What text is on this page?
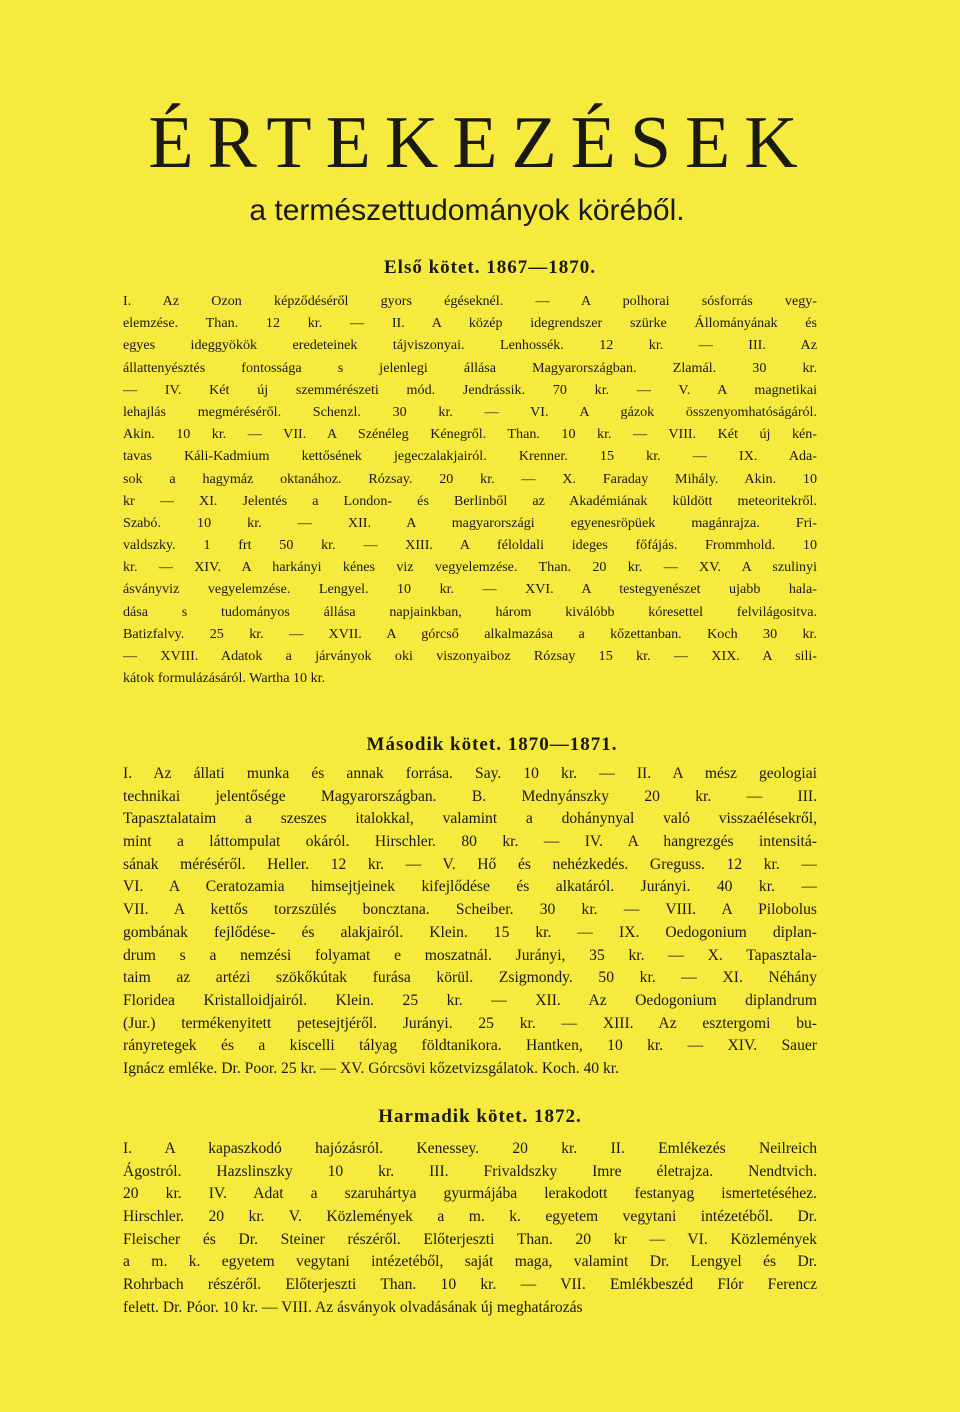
ÉRTEKEZÉSEK
a természettudományok köréből.
Első kötet. 1867—1870.
I. Az Ozon képződéséről gyors égéseknél. — A polhorai sósforrás vegy-
elemzése. Than. 12 kr. — II. A közép idegrendszer szürke Állományának és
egyes ideggyökök eredeteinek tájviszonyai. Lenhossék. 12 kr. — III. Az
állattenyésztés fontossága s jelenlegi állása Magyarországban. Zlamál. 30 kr.
— IV. Két új szemmérészeti mód. Jendrássik. 70 kr. — V. A magnetikai
lehajlás megméréséről. Schenzl. 30 kr. — VI. A gázok összenyomhatóságáról.
Akin. 10 kr. — VII. A Szénéleg Kénegről. Than. 10 kr. — VIII. Két új kén-
tavas Káli-Kadmium kettősének jegeczalakjairól. Krenner. 15 kr. — IX. Ada-
sok a hagymáz oktanához. Rózsay. 20 kr. — X. Faraday Mihály. Akin. 10
kr — XI. Jelentés a London- és Berlinből az Akadémiának küldött meteoritekről.
Szabó. 10 kr. — XII. A magyarországi egyenesröpüek magánrajza. Fri-
valdszky. 1 frt 50 kr. — XIII. A féloldali ideges főfájás. Frommhold. 10
kr. — XIV. A harkányi kénes viz vegyelemzése. Than. 20 kr. — XV. A szulinyi
ásványviz vegyelemzése. Lengyel. 10 kr. — XVI. A testegyenészet ujabb hala-
dása s tudományos állása napjainkban, három kiválóbb kóresettel felvilágositva.
Batizfalvy. 25 kr. — XVII. A górcső alkalmazása a kőzettanban. Koch 30 kr.
— XVIII. Adatok a járványok oki viszonyaiboz Rózsay 15 kr. — XIX. A sili-
kátok formulázásáról. Wartha 10 kr.
Második kötet. 1870—1871.
I. Az állati munka és annak forrása. Say. 10 kr. — II. A mész geologiai
technikai jelentősége Magyarországban. B. Mednyánszky 20 kr. — III.
Tapasztalataim a szeszes italokkal, valamint a dohánynyal való visszaélésekről,
mint a láttompulat okáról. Hirschler. 80 kr. — IV. A hangrezgés intensitá-
sának méréséről. Heller. 12 kr. — V. Hő és nehézkedés. Greguss. 12 kr. —
VI. A Ceratozamia himsejtjeinek kifejlődése és alkatáról. Jurányi. 40 kr. —
VII. A kettős torzszülés bonczt​ana. Scheiber. 30 kr. — VIII. A Pilobolus
gombának fejlődése- és alakjairól. Klein. 15 kr. — IX. Oedogonium diplan-
drum s a nemzési folyamat e moszatnál. Jurányi, 35 kr. — X. Tapasztala-
taim az artézi szökőkútak furása körül. Zsigmondy. 50 kr. — XI. Néhány
Floridea Kristalloidjairól. Klein. 25 kr. — XII. Az Oedogonium diplandrum
(Jur.) termékenyitett petesejtjéről. Jurányi. 25 kr. — XIII. Az esztergomi bu-
rányretegek és a kiscelli tályag földtanikora. Hantken, 10 kr. — XIV. Sauer
Ignácz emléke. Dr. Poor. 25 kr. — XV. Górcsövi kőzetvizsgálatok. Koch. 40 kr.
Harmadik kötet. 1872.
I. A kapaszkodó hajózásról. Kenessey. 20 kr. II. Emlékezés Neilreich
Ágostról. Hazslinszky 10 kr. III. Frivaldszky Imre életrajza. Nendtvich.
20 kr. IV. Adat a szaruhártya gyurmájába lerakodott festanyag ismertetéséhez.
Hirschler. 20 kr. V. Közlemények a m. k. egyetem vegytani intézetéből. Dr.
Fleischer és Dr. Steiner részéről. Előterjeszti Than. 20 kr — VI. Közlemények
a m. k. egyetem vegytani intézetéből, saját maga, valamint Dr. Lengyel és Dr.
Rohrbach részéről. Előterjeszti Than. 10 kr. — VII. Emlékbeszéd Flór Ferencz
felett. Dr. Póor. 10 kr. — VIII. Az ásványok olvadásának új meghatározás
